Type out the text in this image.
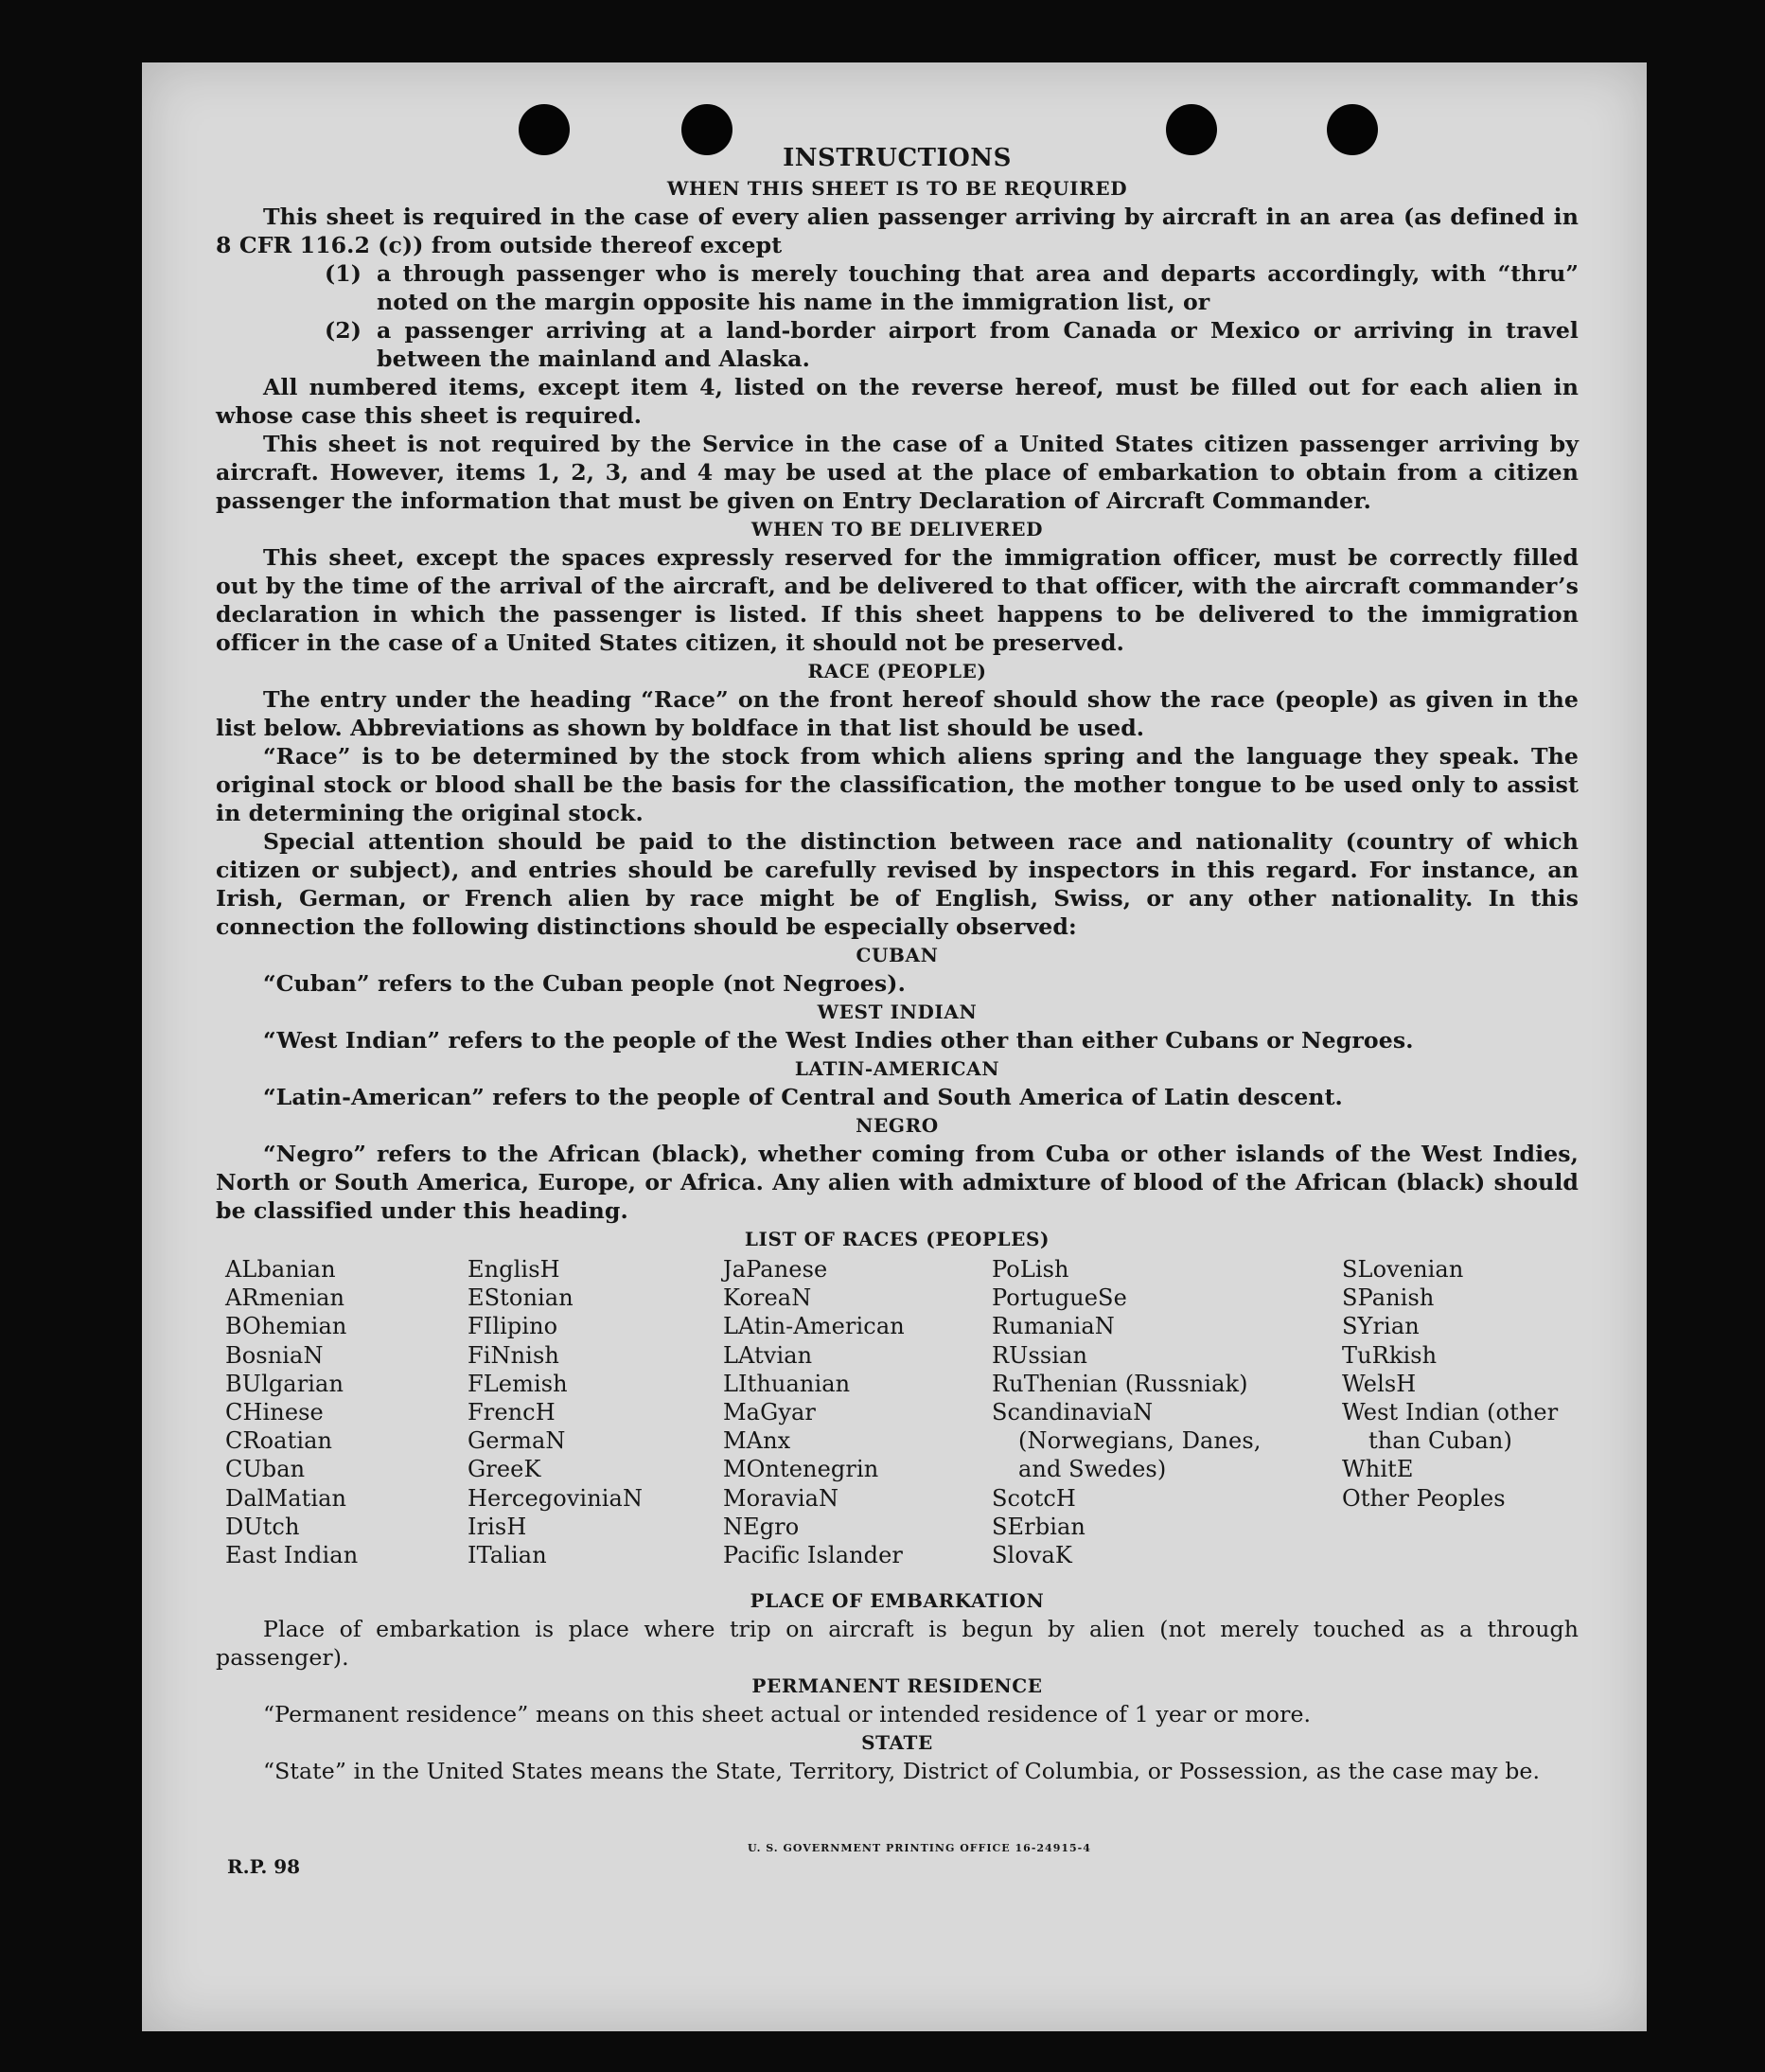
INSTRUCTIONS
WHEN THIS SHEET IS TO BE REQUIRED

This sheet is required in the case of every alien passenger arriving by aircraft in an area (as defined in 8 CFR 116.2 (c)) from outside thereof except

(1) a through passenger who is merely touching that area and departs accordingly, with “thru” noted on the margin opposite his name in the immigration list, or
(2) a passenger arriving at a land-border airport from Canada or Mexico or arriving in travel between the mainland and Alaska.

All numbered items, except item 4, listed on the reverse hereof, must be filled out for each alien in whose case this sheet is required.

This sheet is not required by the Service in the case of a United States citizen passenger arriving by aircraft. However, items 1, 2, 3, and 4 may be used at the place of embarkation to obtain from a citizen passenger the information that must be given on Entry Declaration of Aircraft Commander.

WHEN TO BE DELIVERED

This sheet, except the spaces expressly reserved for the immigration officer, must be correctly filled out by the time of the arrival of the aircraft, and be delivered to that officer, with the aircraft commander’s declaration in which the passenger is listed. If this sheet happens to be delivered to the immigration officer in the case of a United States citizen, it should not be preserved.

RACE (PEOPLE)

The entry under the heading “Race” on the front hereof should show the race (people) as given in the list below. Abbreviations as shown by boldface in that list should be used.

“Race” is to be determined by the stock from which aliens spring and the language they speak. The original stock or blood shall be the basis for the classification, the mother tongue to be used only to assist in determining the original stock.

Special attention should be paid to the distinction between race and nationality (country of which citizen or subject), and entries should be carefully revised by inspectors in this regard. For instance, an Irish, German, or French alien by race might be of English, Swiss, or any other nationality. In this connection the following distinctions should be especially observed:

CUBAN

“Cuban” refers to the Cuban people (not Negroes).

WEST INDIAN

“West Indian” refers to the people of the West Indies other than either Cubans or Negroes.

LATIN-AMERICAN

“Latin-American” refers to the people of Central and South America of Latin descent.

NEGRO

“Negro” refers to the African (black), whether coming from Cuba or other islands of the West Indies, North or South America, Europe, or Africa. Any alien with admixture of blood of the African (black) should be classified under this heading.

LIST OF RACES (PEOPLES)
ALbanian
ARmenian
BOhemian
BosniaN
BUlgarian
CHinese
CRoatian
CUban
DalMatian
DUtch
East Indian
EnglisH
EStonian
FIlipino
FiNnish
FLemish
FrencH
GermaN
GreeK
HercegoviniaN
IrisH
ITalian
JaPanese
KoreaN
LAtin-American
LAtvian
LIthuanian
MaGyar
MAnx
MOntenegrin
MoraviaN
NEgro
Pacific Islander
PoLish
PortugueSe
RumaniaN
RUssian
RuThenian (Russniak)
ScandinaviaN (Norwegians, Danes, and Swedes)
ScotcH
SErbian
SlovaK
SLovenian
SPanish
SYrian
TuRkish
WelsH
West Indian (other than Cuban)
WhitE
Other Peoples
PLACE OF EMBARKATION

Place of embarkation is place where trip on aircraft is begun by alien (not merely touched as a through passenger).

PERMANENT RESIDENCE

“Permanent residence” means on this sheet actual or intended residence of 1 year or more.

STATE

“State” in the United States means the State, Territory, District of Columbia, or Possession, as the case may be.

R.P. 98
U. S. GOVERNMENT PRINTING OFFICE 16-24915-4
